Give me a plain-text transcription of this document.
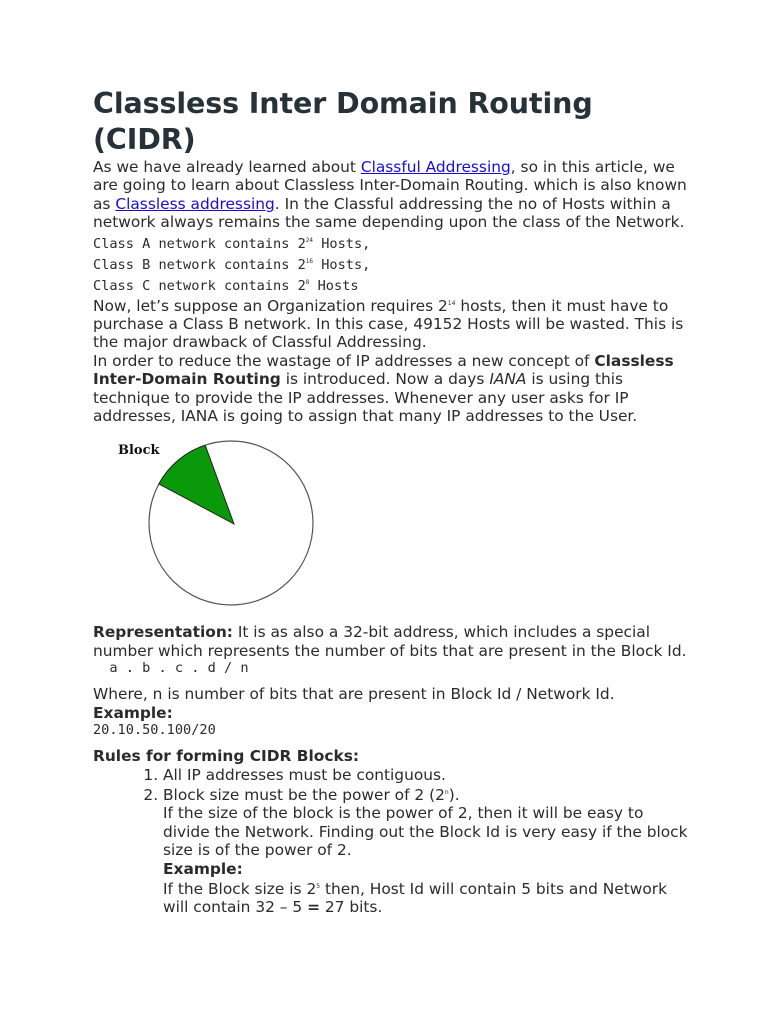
Classless Inter Domain Routing (CIDR)

As we have already learned about Classful Addressing, so in this article, we are going to learn about Classless Inter-Domain Routing. which is also known as Classless addressing. In the Classful addressing the no of Hosts within a network always remains the same depending upon the class of the Network.

Class A network contains $2^{24}$ Hosts,
Class B network contains $2^{16}$ Hosts,
Class C network contains $2^8$ Hosts

Now, let’s suppose an Organization requires $2^{14}$ hosts, then it must have to purchase a Class B network. In this case, 49152 Hosts will be wasted. This is the major drawback of Classful Addressing.

In order to reduce the wastage of IP addresses a new concept of Classless Inter-Domain Routing is introduced. Now a days IANA is using this technique to provide the IP addresses. Whenever any user asks for IP addresses, IANA is going to assign that many IP addresses to the User.

Block

Representation: It is as also a 32-bit address, which includes a special number which represents the number of bits that are present in the Block Id.

a . b . c . d / n

Where, n is number of bits that are present in Block Id / Network Id.

Example:

20.10.50.100/20

Rules for forming CIDR Blocks:

1. All IP addresses must be contiguous.
2. Block size must be the power of 2 (2$^n$).
If the size of the block is the power of 2, then it will be easy to divide the Network. Finding out the Block Id is very easy if the block size is of the power of 2.
Example:
If the Block size is $2^5$ then, Host Id will contain 5 bits and Network will contain 32 – 5 = 27 bits.
